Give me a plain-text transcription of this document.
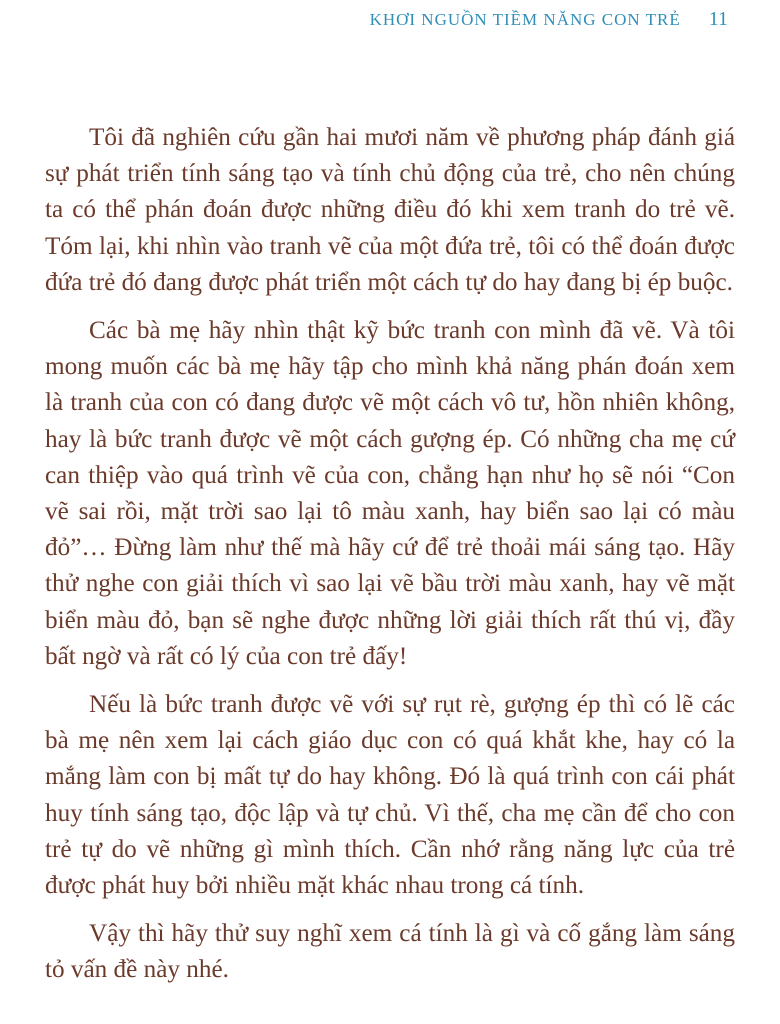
KHƠI NGUỒN TIỀM NĂNG CON TRẺ 11

Tôi đã nghiên cứu gần hai mươi năm về phương pháp đánh giá sự phát triển tính sáng tạo và tính chủ động của trẻ, cho nên chúng ta có thể phán đoán được những điều đó khi xem tranh do trẻ vẽ. Tóm lại, khi nhìn vào tranh vẽ của một đứa trẻ, tôi có thể đoán được đứa trẻ đó đang được phát triển một cách tự do hay đang bị ép buộc.

Các bà mẹ hãy nhìn thật kỹ bức tranh con mình đã vẽ. Và tôi mong muốn các bà mẹ hãy tập cho mình khả năng phán đoán xem là tranh của con có đang được vẽ một cách vô tư, hồn nhiên không, hay là bức tranh được vẽ một cách gượng ép. Có những cha mẹ cứ can thiệp vào quá trình vẽ của con, chẳng hạn như họ sẽ nói “Con vẽ sai rồi, mặt trời sao lại tô màu xanh, hay biển sao lại có màu đỏ”… Đừng làm như thế mà hãy cứ để trẻ thoải mái sáng tạo. Hãy thử nghe con giải thích vì sao lại vẽ bầu trời màu xanh, hay vẽ mặt biển màu đỏ, bạn sẽ nghe được những lời giải thích rất thú vị, đầy bất ngờ và rất có lý của con trẻ đấy!

Nếu là bức tranh được vẽ với sự rụt rè, gượng ép thì có lẽ các bà mẹ nên xem lại cách giáo dục con có quá khắt khe, hay có la mắng làm con bị mất tự do hay không. Đó là quá trình con cái phát huy tính sáng tạo, độc lập và tự chủ. Vì thế, cha mẹ cần để cho con trẻ tự do vẽ những gì mình thích. Cần nhớ rằng năng lực của trẻ được phát huy bởi nhiều mặt khác nhau trong cá tính.

Vậy thì hãy thử suy nghĩ xem cá tính là gì và cố gắng làm sáng tỏ vấn đề này nhé.
